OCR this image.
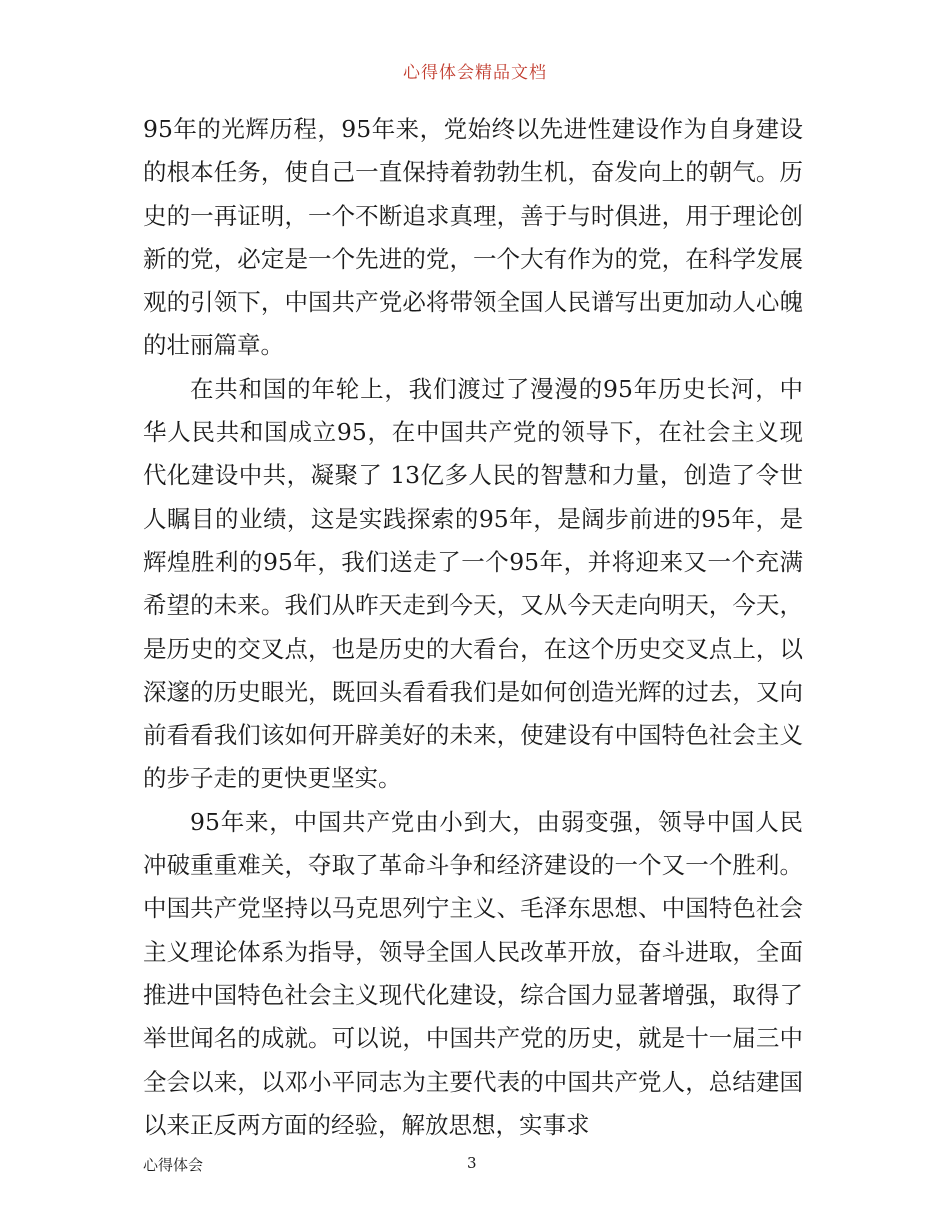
心得体会精品文档

95年的光辉历程，95年来，党始终以先进性建设作为自身建设的根本任务，使自己一直保持着勃勃生机，奋发向上的朝气。历史的一再证明，一个不断追求真理，善于与时俱进，用于理论创新的党，必定是一个先进的党，一个大有作为的党，在科学发展观的引领下，中国共产党必将带领全国人民谱写出更加动人心魄的壮丽篇章。

在共和国的年轮上，我们渡过了漫漫的95年历史长河，中华人民共和国成立95，在中国共产党的领导下，在社会主义现代化建设中共，凝聚了 13亿多人民的智慧和力量，创造了令世人瞩目的业绩，这是实践探索的95年，是阔步前进的95年，是辉煌胜利的95年，我们送走了一个95年，并将迎来又一个充满希望的未来。我们从昨天走到今天，又从今天走向明天，今天，是历史的交叉点，也是历史的大看台，在这个历史交叉点上，以深邃的历史眼光，既回头看看我们是如何创造光辉的过去，又向前看看我们该如何开辟美好的未来，使建设有中国特色社会主义的步子走的更快更坚实。

95年来，中国共产党由小到大，由弱变强，领导中国人民冲破重重难关，夺取了革命斗争和经济建设的一个又一个胜利。中国共产党坚持以马克思列宁主义、毛泽东思想、中国特色社会主义理论体系为指导，领导全国人民改革开放，奋斗进取，全面推进中国特色社会主义现代化建设，综合国力显著增强，取得了举世闻名的成就。可以说，中国共产党的历史，就是十一届三中全会以来，以邓小平同志为主要代表的中国共产党人，总结建国以来正反两方面的经验，解放思想，实事求

心得体会	3
